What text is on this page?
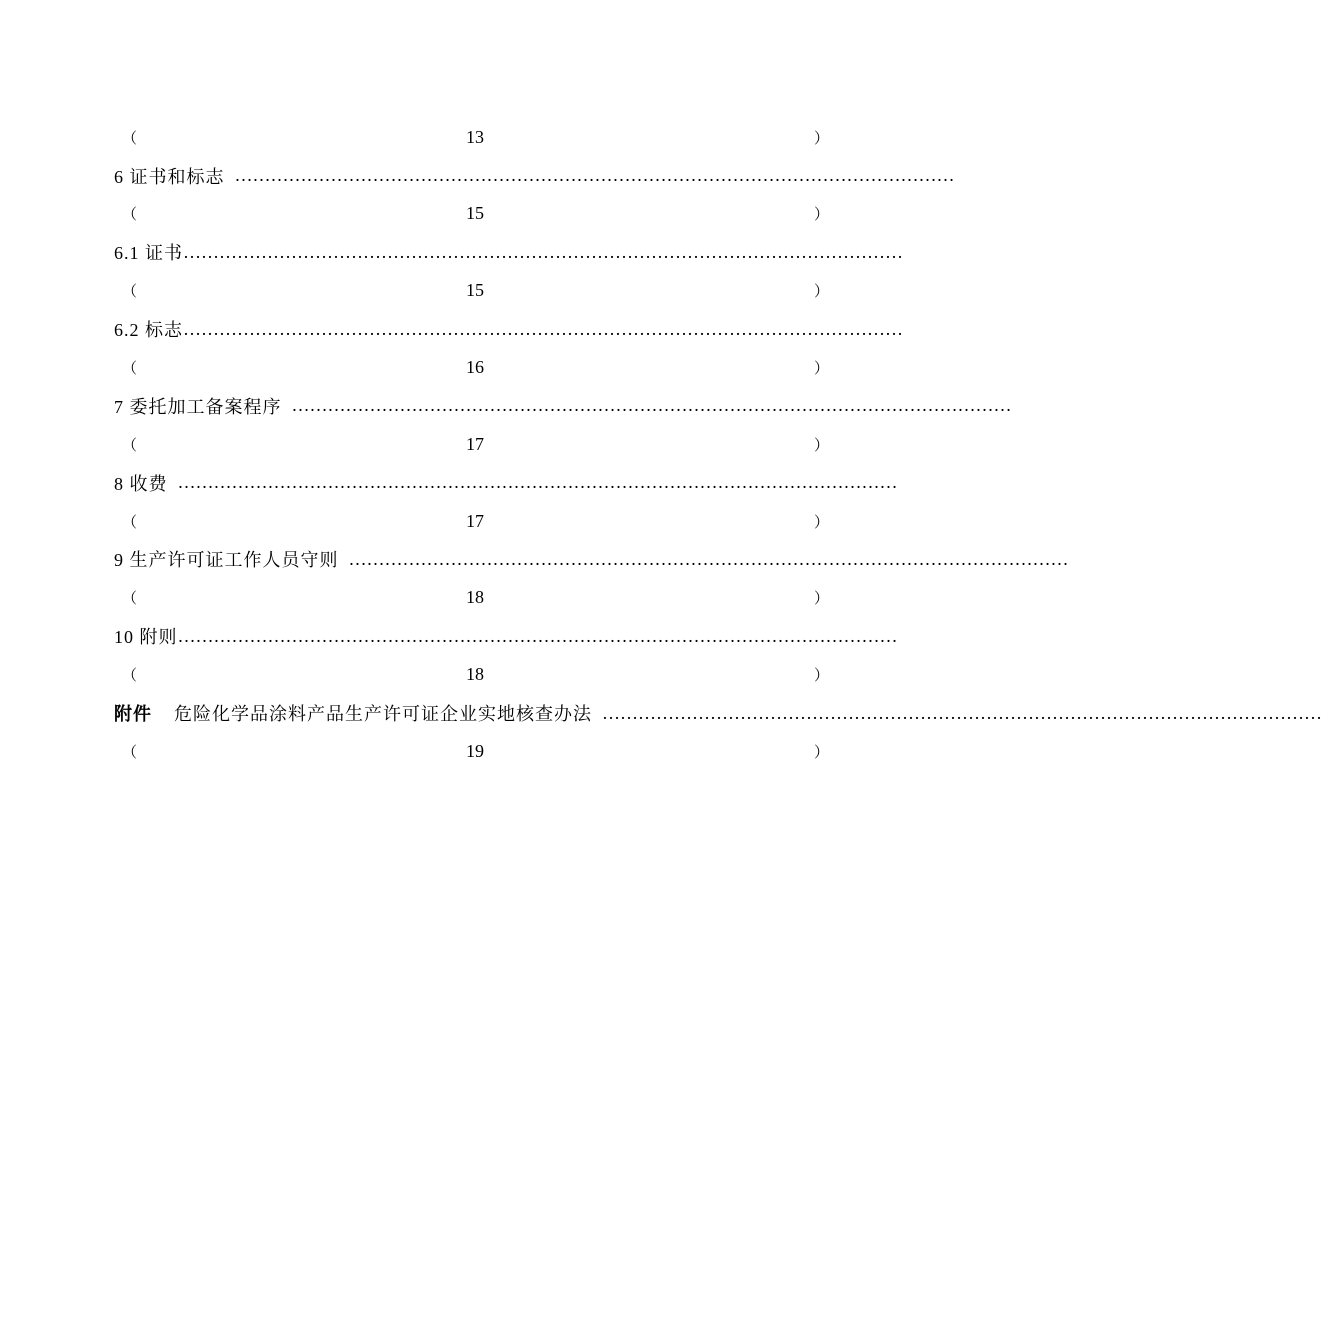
（	13	）
6 证书和标志 …………………………………………………………………………………………………………
（	15	）
6.1 证书 …………………………………………………………………………………………………………
（	15	）
6.2 标志 …………………………………………………………………………………………………………
（	16	）
7 委托加工备案程序 …………………………………………………………………………………………………………
（	17	）
8 收费 …………………………………………………………………………………………………………
（	17	）
9 生产许可证工作人员守则 …………………………………………………………………………………………………………
（	18	）
10 附则 …………………………………………………………………………………………………………
（	18	）
附件 危险化学品涂料产品生产许可证企业实地核查办法 …………………………………………………………………………………………………………
（	19	）
